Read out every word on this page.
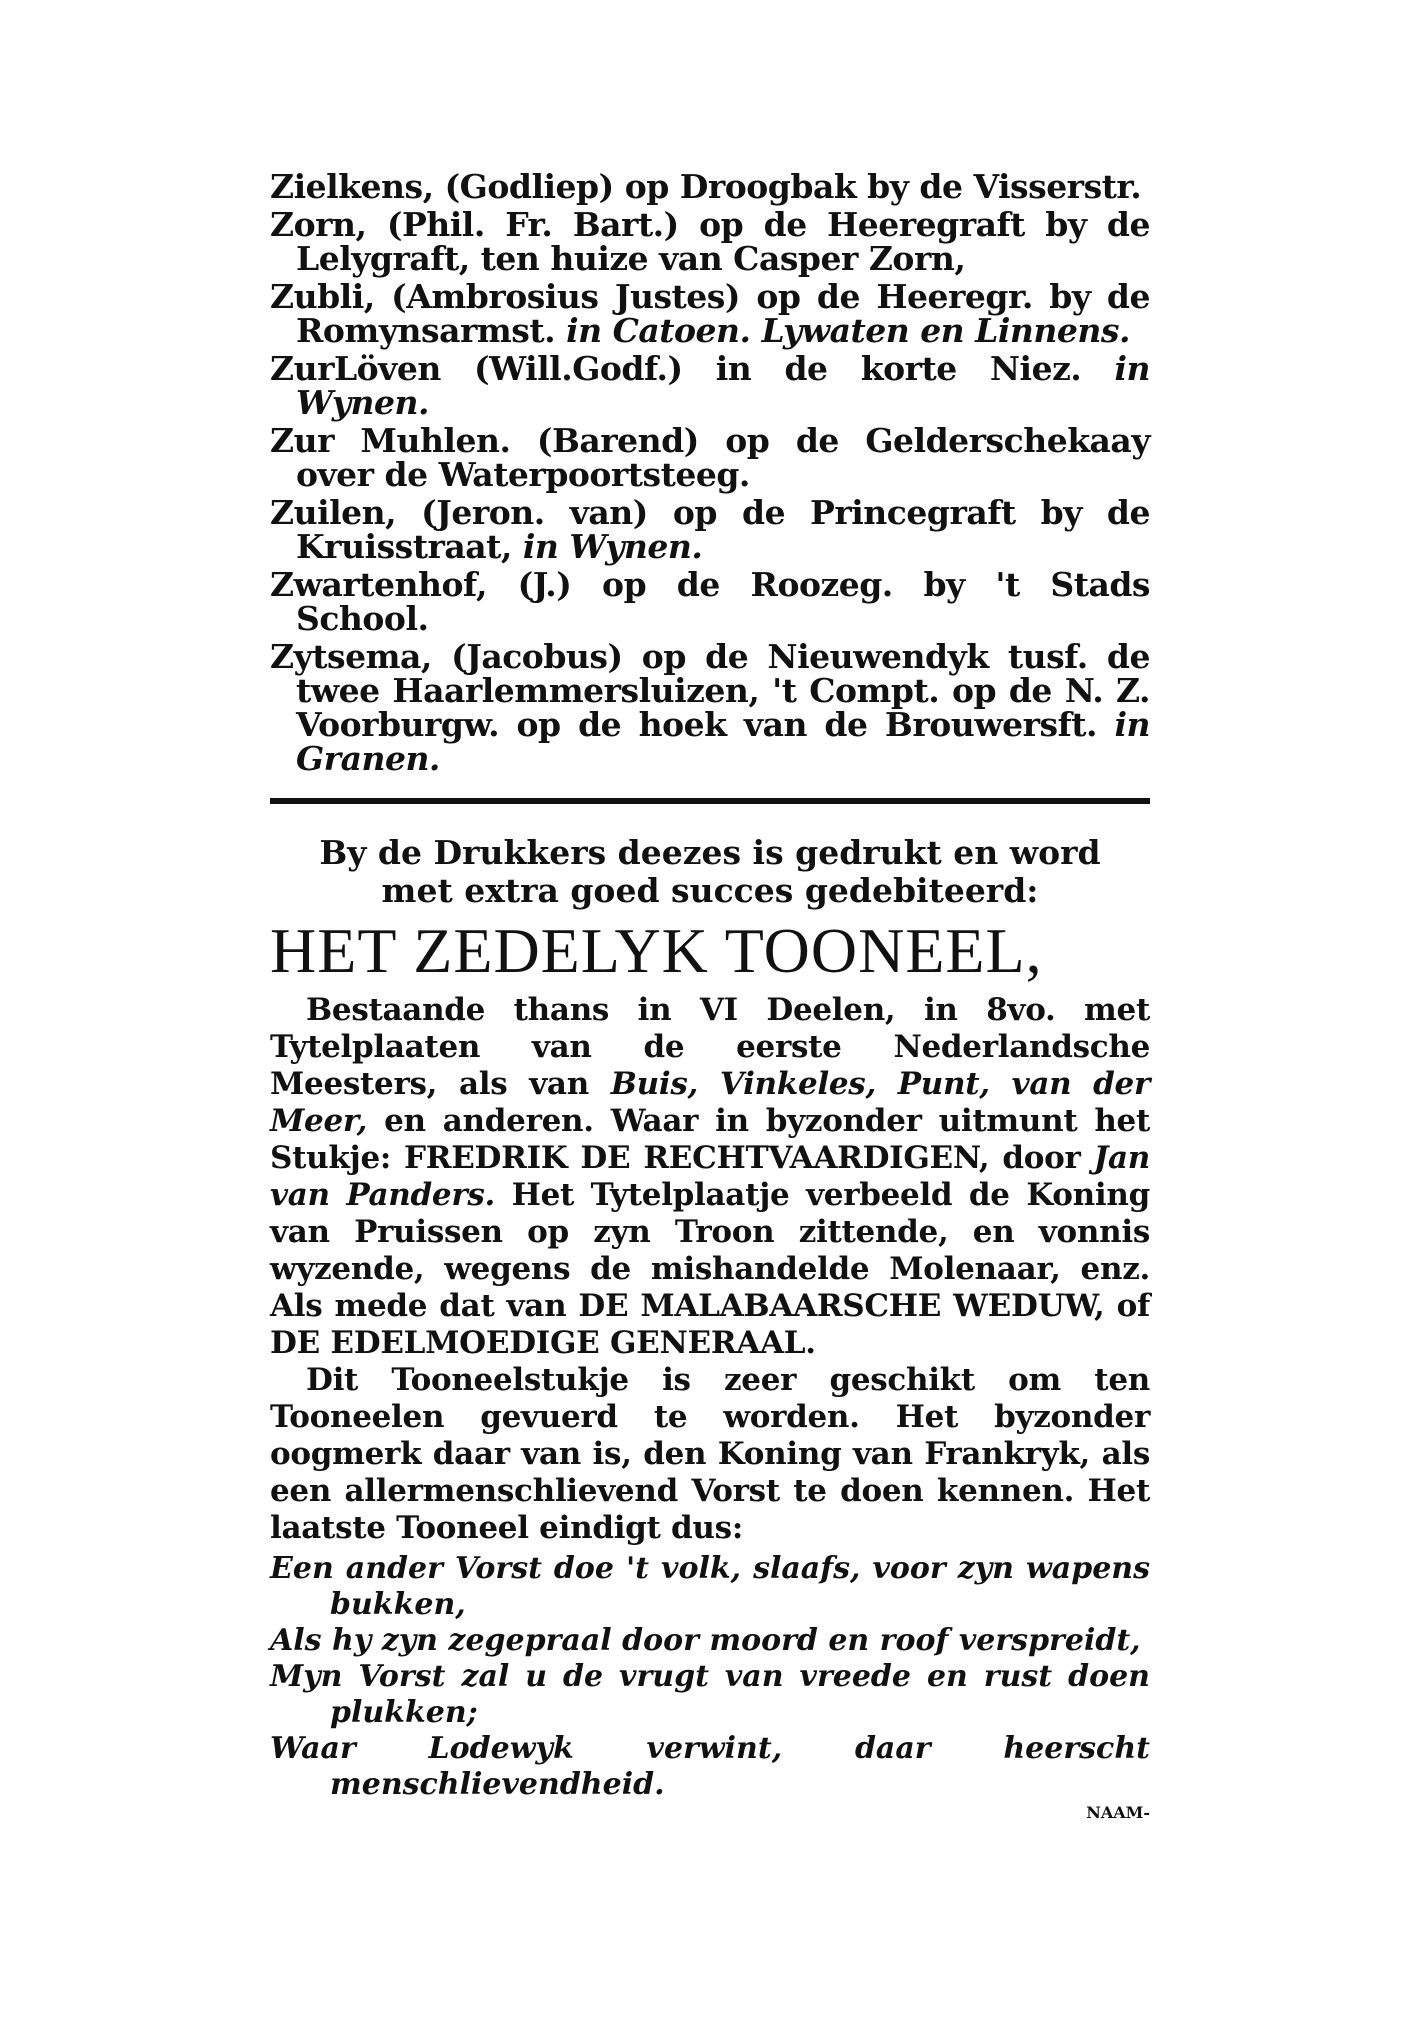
Zielkens, (Godliep) op Droogbak by de Visserstr.

Zorn, (Phil. Fr. Bart.) op de Heeregraft by de Lelygraft, ten huize van Casper Zorn,

Zubli, (Ambrosius Justes) op de Heeregr. by de Romynsarmst. in Catoen. Lywaten en Linnens.

ZurLöven (Will.Godf.) in de korte Niez. in Wynen.

Zur Muhlen. (Barend) op de Gelderschekaay over de Waterpoortsteeg.

Zuilen, (Jeron. van) op de Princegraft by de Kruisstraat, in Wynen.

Zwartenhof, (J.) op de Roozeg. by 't Stads School.

Zytsema, (Jacobus) op de Nieuwendyk tusf. de twee Haarlemmersluizen, 't Compt. op de N. Z. Voorburgw. op de hoek van de Brouwersft. in Granen.

By de Drukkers deezes is gedrukt en word met extra goed succes gedebiteerd:

HET ZEDELYK TOONEEL,

Bestaande thans in VI Deelen, in 8vo. met Tytelplaaten van de eerste Nederlandsche Meesters, als van Buis, Vinkeles, Punt, van der Meer, en anderen. Waar in byzonder uitmunt het Stukje: FREDRIK DE RECHTVAARDIGEN, door Jan van Panders. Het Tytelplaatje verbeeld de Koning van Pruissen op zyn Troon zittende, en vonnis wyzende, wegens de mishandelde Molenaar, enz. Als mede dat van DE MALABAARSCHE WEDUW, of DE EDELMOEDIGE GENERAAL.

Dit Tooneelstukje is zeer geschikt om ten Tooneelen gevuerd te worden. Het byzonder oogmerk daar van is, den Koning van Frankryk, als een allermenschlievend Vorst te doen kennen. Het laatste Tooneel eindigt dus:

Een ander Vorst doe 't volk, slaafs, voor zyn wapens bukken,
Als hy zyn zegepraal door moord en roof verspreidt,
Myn Vorst zal u de vrugt van vreede en rust doen plukken;
Waar Lodewyk verwint, daar heerscht menschlievendheid.
NAAM-
